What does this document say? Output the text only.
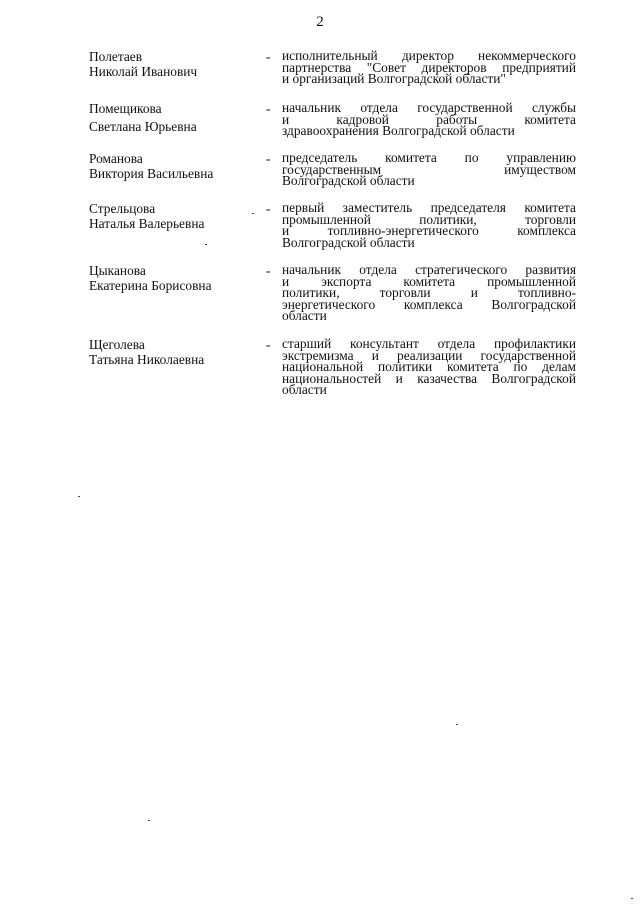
2
Полетаев
Николай Иванович
- исполнительный директор некоммерческого
партнерства "Совет директоров предприятий
и организаций Волгоградской области"
Помещикова
Светлана Юрьевна
- начальник отдела государственной службы
и кадровой работы комитета
здравоохранения Волгоградской области
Романова
Виктория Васильевна
- председатель комитета по управлению
государственным имуществом
Волгоградской области
Стрельцова
Наталья Валерьевна
- первый заместитель председателя комитета
промышленной политики, торговли
и топливно-энергетического комплекса
Волгоградской области
Цыканова
Екатерина Борисовна
- начальник отдела стратегического развития
и экспорта комитета промышленной
политики, торговли и топливно-
энергетического комплекса Волгоградской
области
Щеголева
Татьяна Николаевна
- старший консультант отдела профилактики
экстремизма и реализации государственной
национальной политики комитета по делам
национальностей и казачества Волгоградской
области
